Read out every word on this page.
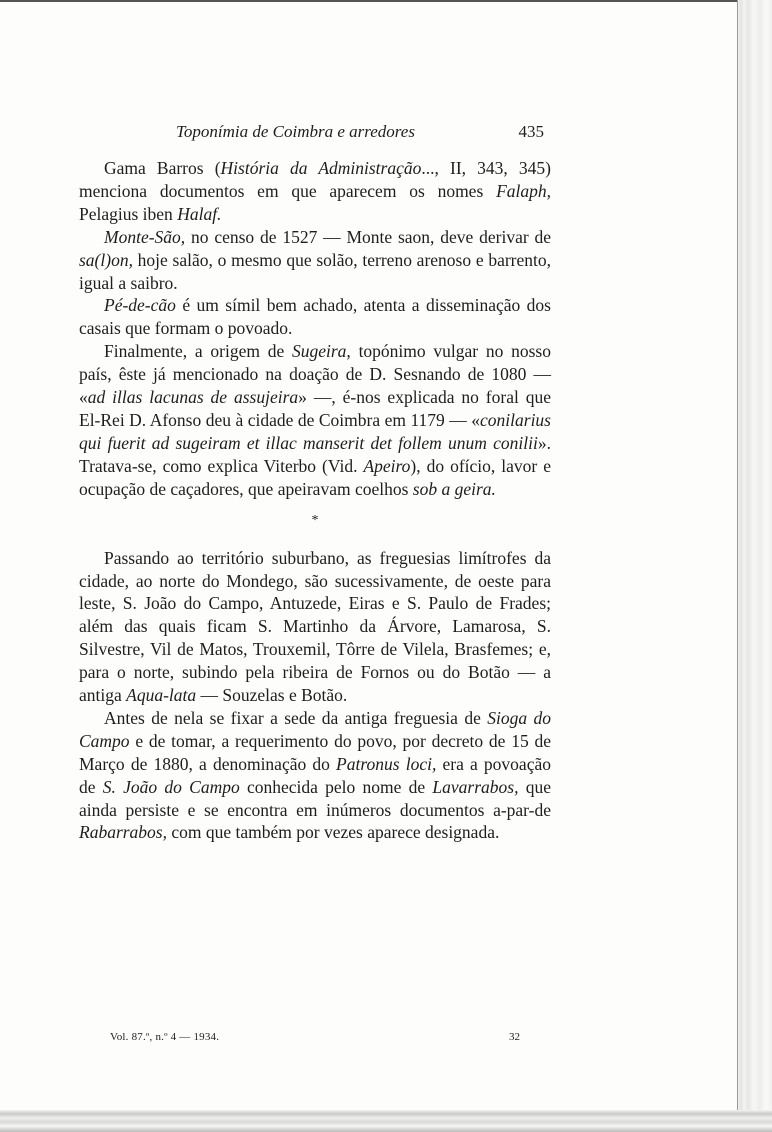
Toponímia de Coimbra e arredores	435

Gama Barros (História da Administração..., II, 343, 345) menciona documentos em que aparecem os nomes Falaph, Pelagius iben Halaf.

Monte-São, no censo de 1527 — Monte saon, deve derivar de sa(l)on, hoje salão, o mesmo que solão, terreno arenoso e barrento, igual a saibro.

Pé-de-cão é um símil bem achado, atenta a disseminação dos casais que formam o povoado.

Finalmente, a origem de Sugeira, topónimo vulgar no nosso país, êste já mencionado na doação de D. Sesnando de 1080 — «ad illas lacunas de assujeira» —, é-nos explicada no foral que El-Rei D. Afonso deu à cidade de Coimbra em 1179 — «conilarius qui fuerit ad sugeiram et illac manserit det follem unum conilii». Tratava-se, como explica Viterbo (Vid. Apeiro), do ofício, lavor e ocupação de caçadores, que apeiravam coelhos sob a geira.

*

Passando ao território suburbano, as freguesias limítrofes da cidade, ao norte do Mondego, são sucessivamente, de oeste para leste, S. João do Campo, Antuzede, Eiras e S. Paulo de Frades; além das quais ficam S. Martinho da Árvore, Lamarosa, S. Silvestre, Vil de Matos, Trouxemil, Tôrre de Vilela, Brasfemes; e, para o norte, subindo pela ribeira de Fornos ou do Botão — a antiga Aqua-lata — Souzelas e Botão.

Antes de nela se fixar a sede da antiga freguesia de Sioga do Campo e de tomar, a requerimento do povo, por decreto de 15 de Março de 1880, a denominação do Patronus loci, era a povoação de S. João do Campo conhecida pelo nome de Lavarrabos, que ainda persiste e se encontra em inúmeros documentos a-par-de Rabarrabos, com que também por vezes aparece designada.

Vol. 87.º, n.º 4 — 1934.	32
